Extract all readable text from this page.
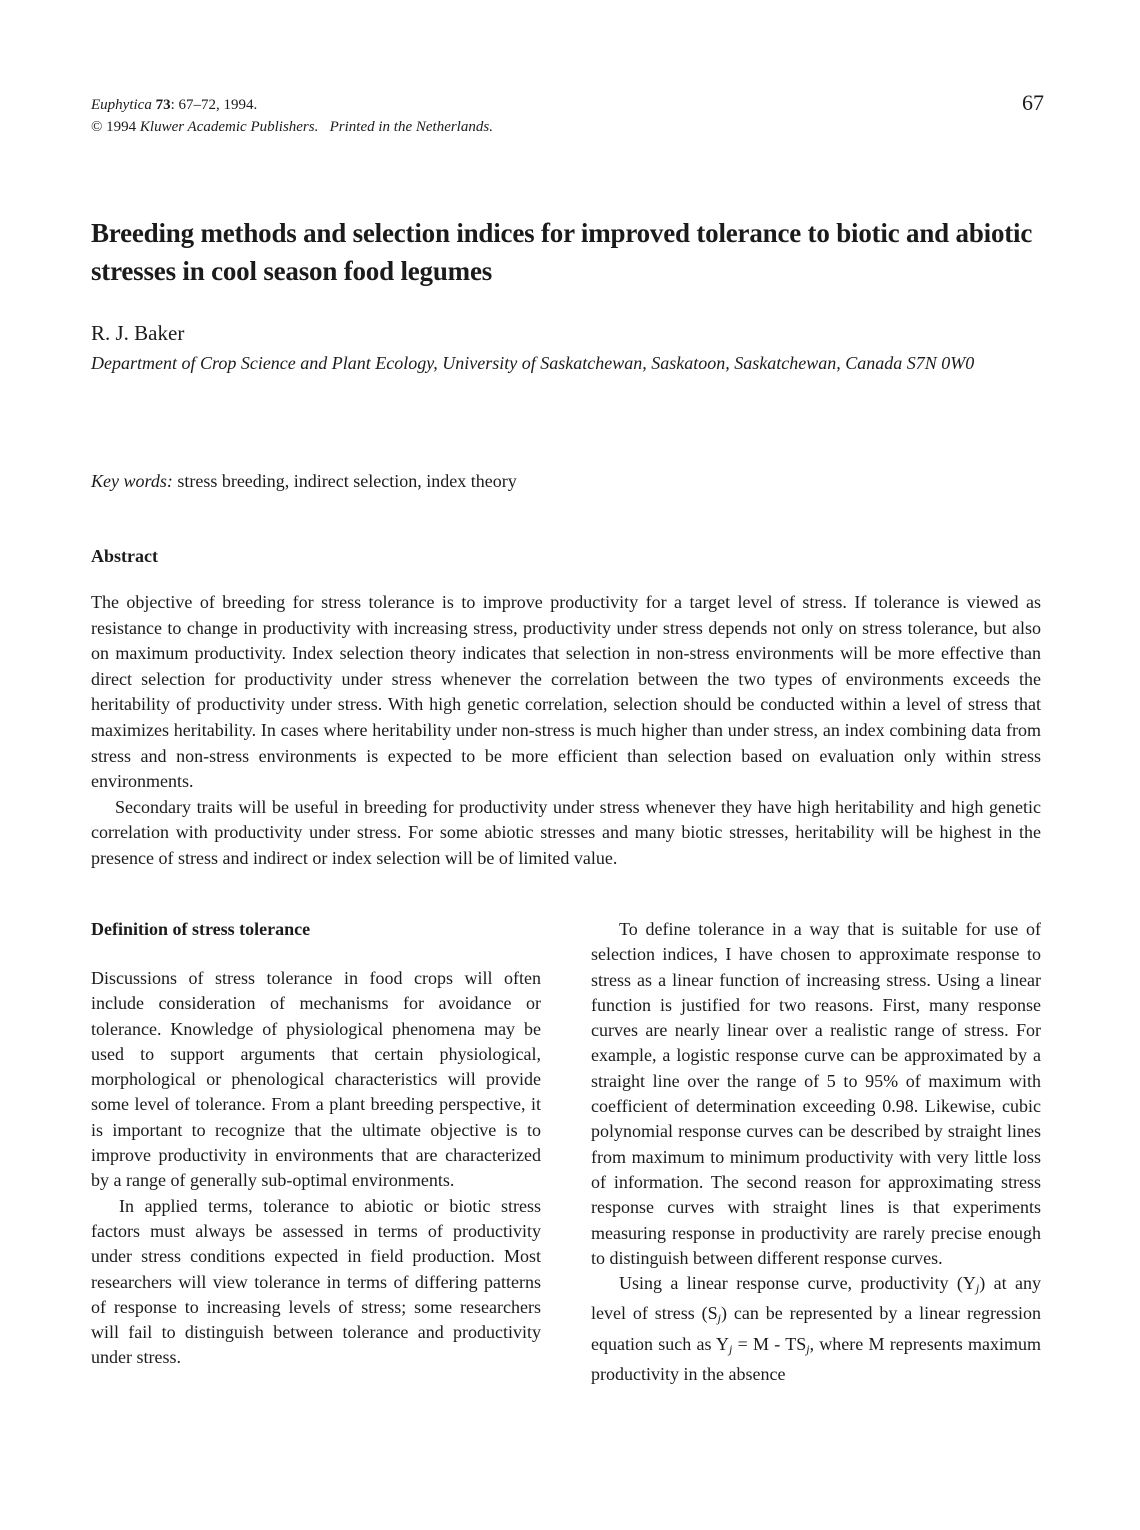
Euphytica 73: 67–72, 1994.
© 1994 Kluwer Academic Publishers. Printed in the Netherlands.
67
Breeding methods and selection indices for improved tolerance to biotic and abiotic stresses in cool season food legumes
R. J. Baker
Department of Crop Science and Plant Ecology, University of Saskatchewan, Saskatoon, Saskatchewan, Canada S7N 0W0
Key words: stress breeding, indirect selection, index theory
Abstract

The objective of breeding for stress tolerance is to improve productivity for a target level of stress. If tolerance is viewed as resistance to change in productivity with increasing stress, productivity under stress depends not only on stress tolerance, but also on maximum productivity. Index selection theory indicates that selection in non-stress environments will be more effective than direct selection for productivity under stress whenever the correlation between the two types of environments exceeds the heritability of productivity under stress. With high genetic correlation, selection should be conducted within a level of stress that maximizes heritability. In cases where heritability under non-stress is much higher than under stress, an index combining data from stress and non-stress environments is expected to be more efficient than selection based on evaluation only within stress environments.

Secondary traits will be useful in breeding for productivity under stress whenever they have high heritability and high genetic correlation with productivity under stress. For some abiotic stresses and many biotic stresses, heritability will be highest in the presence of stress and indirect or index selection will be of limited value.

Definition of stress tolerance

Discussions of stress tolerance in food crops will often include consideration of mechanisms for avoidance or tolerance. Knowledge of physiological phenomena may be used to support arguments that certain physiological, morphological or phenological characteristics will provide some level of tolerance. From a plant breeding perspective, it is important to recognize that the ultimate objective is to improve productivity in environments that are characterized by a range of generally sub-optimal environments.

In applied terms, tolerance to abiotic or biotic stress factors must always be assessed in terms of productivity under stress conditions expected in field production. Most researchers will view tolerance in terms of differing patterns of response to increasing levels of stress; some researchers will fail to distinguish between tolerance and productivity under stress.

To define tolerance in a way that is suitable for use of selection indices, I have chosen to approximate response to stress as a linear function of increasing stress. Using a linear function is justified for two reasons. First, many response curves are nearly linear over a realistic range of stress. For example, a logistic response curve can be approximated by a straight line over the range of 5 to 95% of maximum with coefficient of determination exceeding 0.98. Likewise, cubic polynomial response curves can be described by straight lines from maximum to minimum productivity with very little loss of information. The second reason for approximating stress response curves with straight lines is that experiments measuring response in productivity are rarely precise enough to distinguish between different response curves.

Using a linear response curve, productivity (Yj) at any level of stress (Sj) can be represented by a linear regression equation such as Yj = M - TSj, where M represents maximum productivity in the absence
